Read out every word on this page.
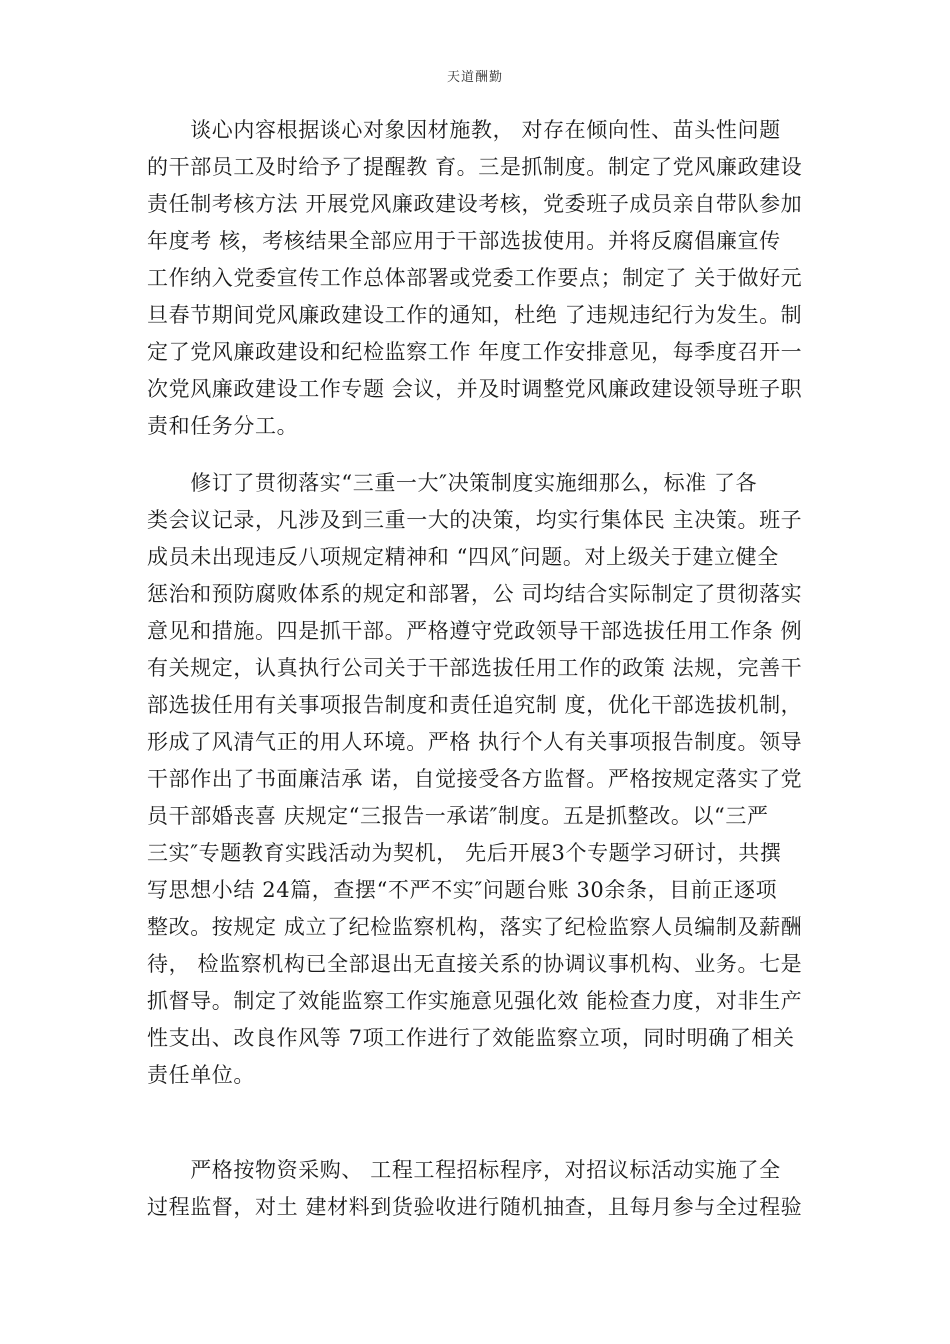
天道酬勤
　　谈心内容根据谈心对象因材施教， 对存在倾向性、苗头性问题
的干部员工及时给予了提醒教 育。三是抓制度。制定了党风廉政建设
责任制考核方法 开展党风廉政建设考核，党委班子成员亲自带队参加
年度考 核，考核结果全部应用于干部选拔使用。并将反腐倡廉宣传
工作纳入党委宣传工作总体部署或党委工作要点；制定了 关于做好元
旦春节期间党风廉政建设工作的通知，杜绝 了违规违纪行为发生。制
定了党风廉政建设和纪检监察工作 年度工作安排意见，每季度召开一
次党风廉政建设工作专题 会议，并及时调整党风廉政建设领导班子职
责和任务分工。
　　修订了贯彻落实“三重一大″决策制度实施细那么，标准 了各
类会议记录，凡涉及到三重一大的决策，均实行集体民 主决策。班子
成员未出现违反八项规定精神和 “四风″问题。对上级关于建立健全
惩治和预防腐败体系的规定和部署，公 司均结合实际制定了贯彻落实
意见和措施。四是抓干部。严格遵守党政领导干部选拔任用工作条 例
有关规定，认真执行公司关于干部选拔任用工作的政策 法规，完善干
部选拔任用有关事项报告制度和责任追究制 度，优化干部选拔机制，
形成了风清气正的用人环境。严格 执行个人有关事项报告制度。领导
干部作出了书面廉洁承 诺，自觉接受各方监督。严格按规定落实了党
员干部婚丧喜 庆规定“三报告一承诺″制度。五是抓整改。以“三严
三实″专题教育实践活动为契机， 先后开展3个专题学习研讨，共撰
写思想小结 24篇，查摆“不严不实″问题台账 30余条，目前正逐项
整改。按规定 成立了纪检监察机构，落实了纪检监察人员编制及薪酬
待， 检监察机构已全部退出无直接关系的协调议事机构、业务。七是
抓督导。制定了效能监察工作实施意见强化效 能检查力度，对非生产
性支出、改良作风等 7项工作进行了效能监察立项，同时明确了相关
责任单位。
　　严格按物资采购、 工程工程招标程序，对招议标活动实施了全
过程监督，对土 建材料到货验收进行随机抽查，且每月参与全过程验
